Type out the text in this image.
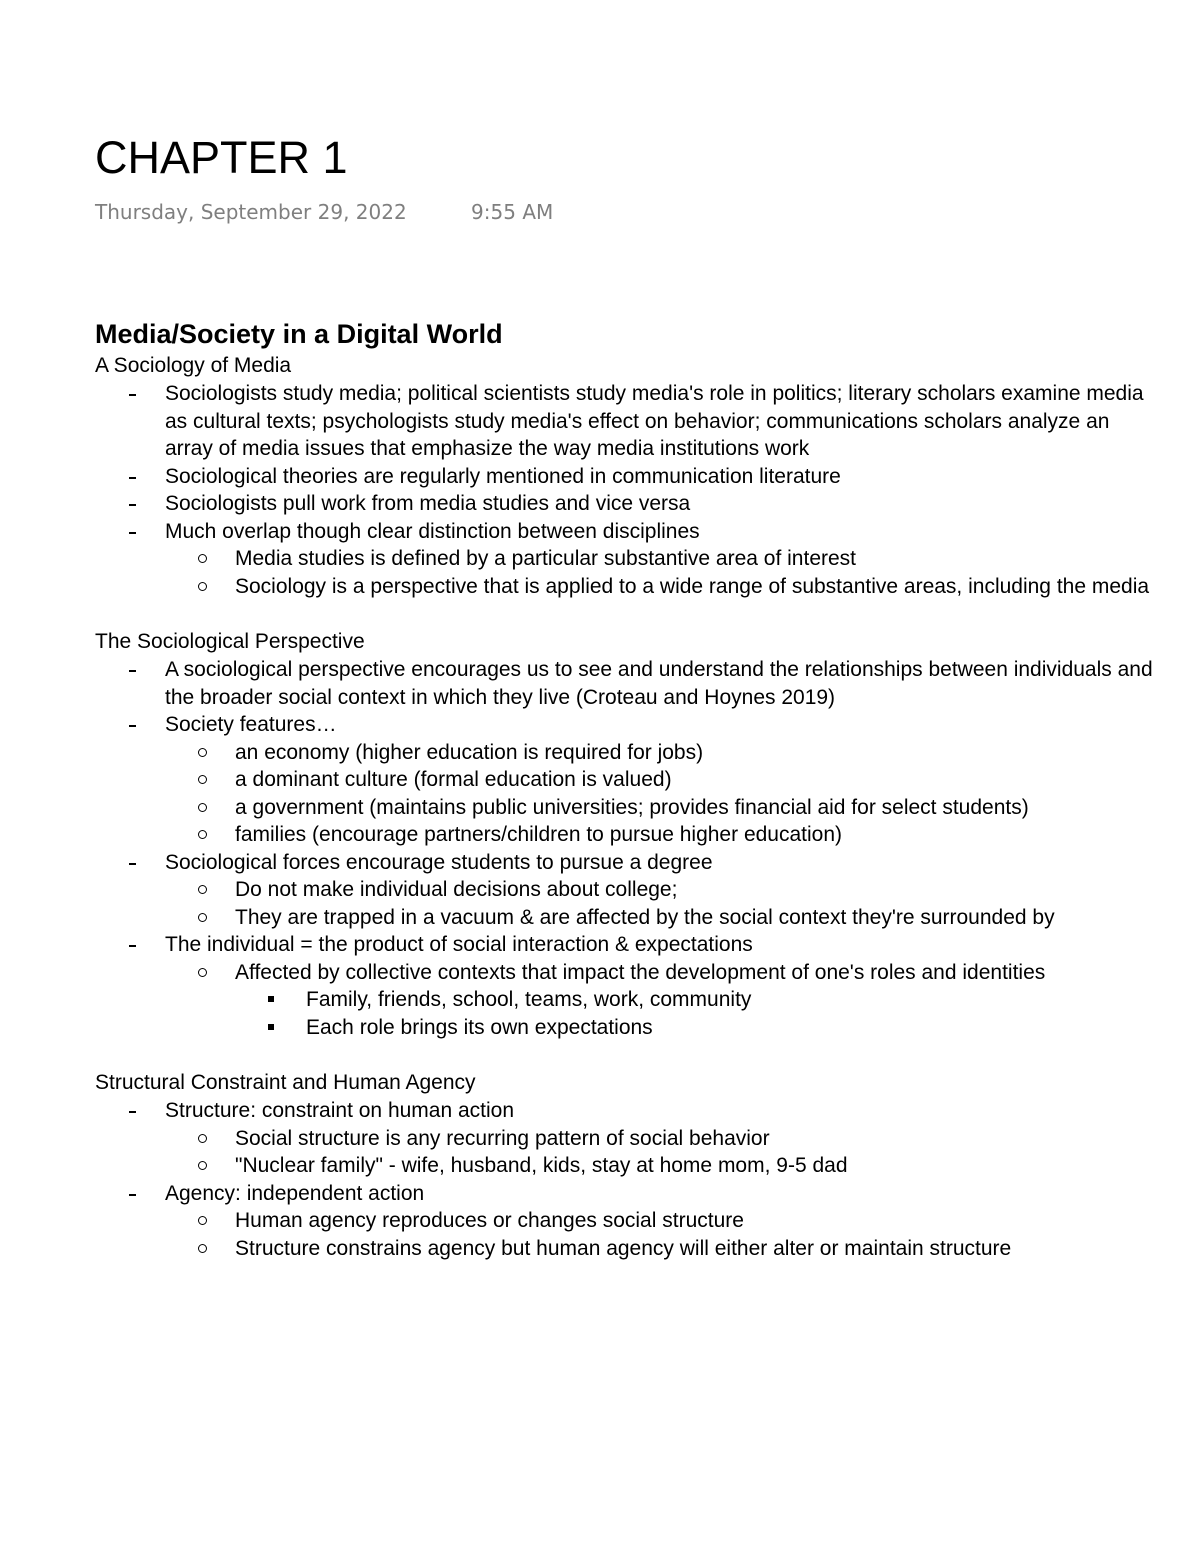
CHAPTER 1
Thursday, September 29, 2022	9:55 AM
Media/Society in a Digital World
A Sociology of Media
Sociologists study media; political scientists study media's role in politics; literary scholars examine media as cultural texts; psychologists study media's effect on behavior; communications scholars analyze an array of media issues that emphasize the way media institutions work
Sociological theories are regularly mentioned in communication literature
Sociologists pull work from media studies and vice versa
Much overlap though clear distinction between disciplines
Media studies is defined by a particular substantive area of interest
Sociology is a perspective that is applied to a wide range of substantive areas, including the media
The Sociological Perspective
A sociological perspective encourages us to see and understand the relationships between individuals and the broader social context in which they live (Croteau and Hoynes 2019)
Society features…
an economy (higher education is required for jobs)
a dominant culture (formal education is valued)
a government (maintains public universities; provides financial aid for select students)
families (encourage partners/children to pursue higher education)
Sociological forces encourage students to pursue a degree
Do not make individual decisions about college;
They are trapped in a vacuum & are affected by the social context they're surrounded by
The individual = the product of social interaction & expectations
Affected by collective contexts that impact the development of one's roles and identities
Family, friends, school, teams, work, community
Each role brings its own expectations
Structural Constraint and Human Agency
Structure: constraint on human action
Social structure is any recurring pattern of social behavior
"Nuclear family" - wife, husband, kids, stay at home mom, 9-5 dad
Agency: independent action
Human agency reproduces or changes social structure
Structure constrains agency but human agency will either alter or maintain structure
